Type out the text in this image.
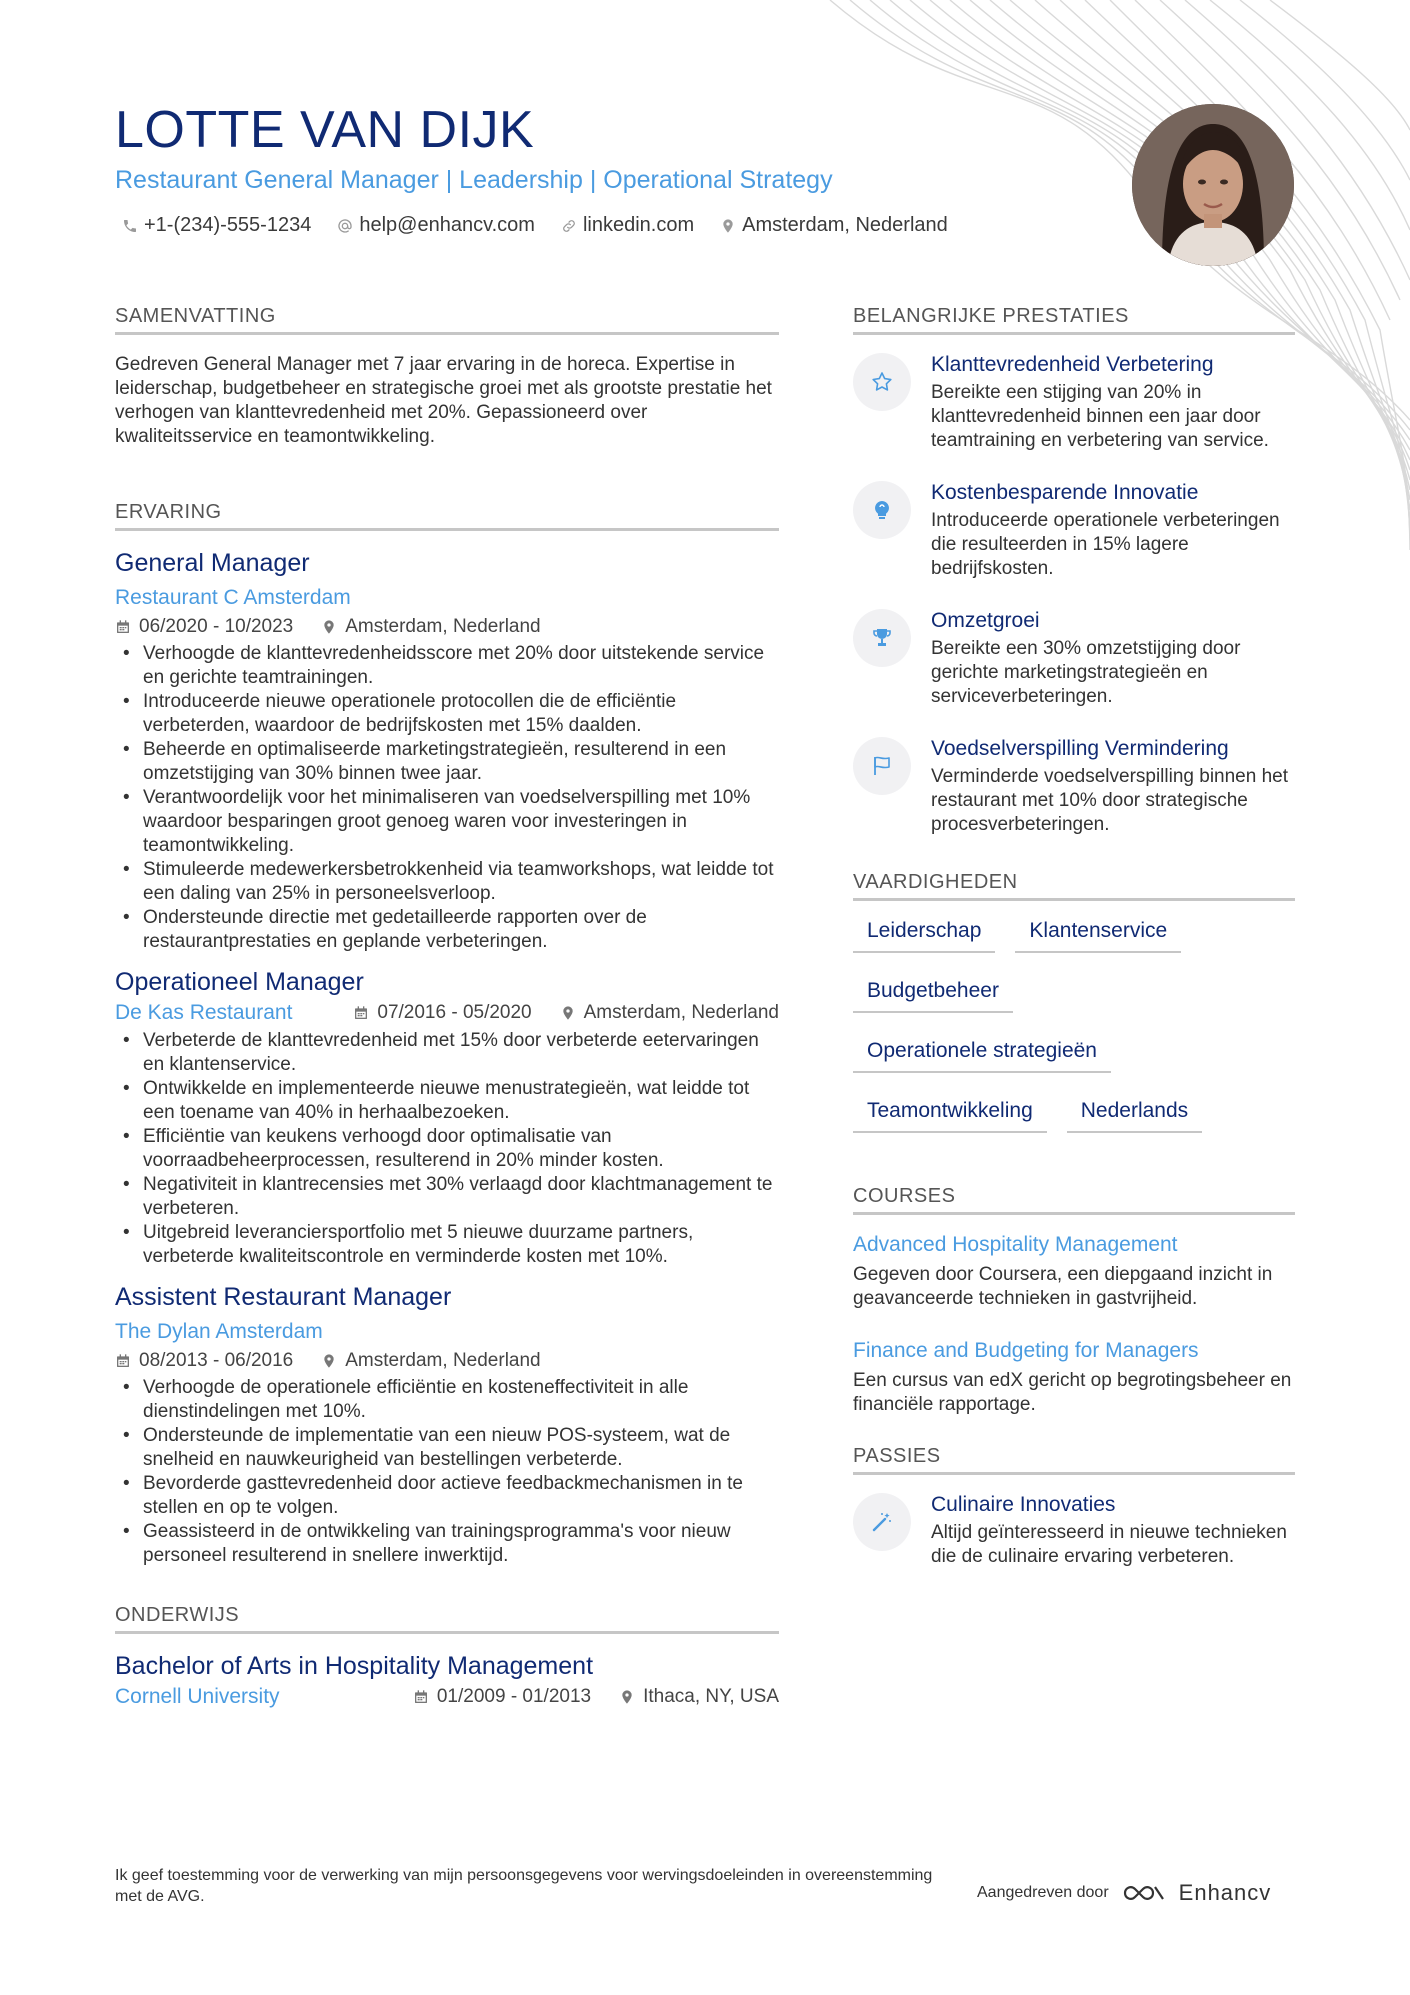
LOTTE VAN DIJK
Restaurant General Manager | Leadership | Operational Strategy
+1-(234)-555-1234 help@enhancv.com linkedin.com Amsterdam, Nederland
SAMENVATTING

Gedreven General Manager met 7 jaar ervaring in de horeca. Expertise in leiderschap, budgetbeheer en strategische groei met als grootste prestatie het verhogen van klanttevredenheid met 20%. Gepassioneerd over kwaliteitsservice en teamontwikkeling.

ERVARING
General Manager
Restaurant C Amsterdam
06/2020 - 10/2023	Amsterdam, Nederland
• Verhoogde de klanttevredenheidsscore met 20% door uitstekende service en gerichte teamtrainingen.
• Introduceerde nieuwe operationele protocollen die de efficiëntie verbeterden, waardoor de bedrijfskosten met 15% daalden.
• Beheerde en optimaliseerde marketingstrategieën, resulterend in een omzetstijging van 30% binnen twee jaar.
• Verantwoordelijk voor het minimaliseren van voedselverspilling met 10% waardoor besparingen groot genoeg waren voor investeringen in teamontwikkeling.
• Stimuleerde medewerkersbetrokkenheid via teamworkshops, wat leidde tot een daling van 25% in personeelsverloop.
• Ondersteunde directie met gedetailleerde rapporten over de restaurantprestaties en geplande verbeteringen.
Operationeel Manager
De Kas Restaurant	07/2016 - 05/2020	Amsterdam, Nederland
• Verbeterde de klanttevredenheid met 15% door verbeterde eetervaringen en klantenservice.
• Ontwikkelde en implementeerde nieuwe menustrategieën, wat leidde tot een toename van 40% in herhaalbezoeken.
• Efficiëntie van keukens verhoogd door optimalisatie van voorraadbeheerprocessen, resulterend in 20% minder kosten.
• Negativiteit in klantrecensies met 30% verlaagd door klachtmanagement te verbeteren.
• Uitgebreid leveranciersportfolio met 5 nieuwe duurzame partners, verbeterde kwaliteitscontrole en verminderde kosten met 10%.
Assistent Restaurant Manager
The Dylan Amsterdam
08/2013 - 06/2016	Amsterdam, Nederland
• Verhoogde de operationele efficiëntie en kosteneffectiviteit in alle dienstindelingen met 10%.
• Ondersteunde de implementatie van een nieuw POS-systeem, wat de snelheid en nauwkeurigheid van bestellingen verbeterde.
• Bevorderde gasttevredenheid door actieve feedbackmechanismen in te stellen en op te volgen.
• Geassisteerd in de ontwikkeling van trainingsprogramma's voor nieuw personeel resulterend in snellere inwerktijd.
ONDERWIJS
Bachelor of Arts in Hospitality Management
Cornell University	01/2009 - 01/2013	Ithaca, NY, USA
BELANGRIJKE PRESTATIES
Klanttevredenheid Verbetering
Bereikte een stijging van 20% in klanttevredenheid binnen een jaar door teamtraining en verbetering van service.
Kostenbesparende Innovatie
Introduceerde operationele verbeteringen die resulteerden in 15% lagere bedrijfskosten.
Omzetgroei
Bereikte een 30% omzetstijging door gerichte marketingstrategieën en serviceverbeteringen.
Voedselverspilling Vermindering
Verminderde voedselverspilling binnen het restaurant met 10% door strategische procesverbeteringen.
VAARDIGHEDEN
Leiderschap	Klantenservice
Budgetbeheer
Operationele strategieën
Teamontwikkeling	Nederlands
COURSES
Advanced Hospitality Management
Gegeven door Coursera, een diepgaand inzicht in geavanceerde technieken in gastvrijheid.
Finance and Budgeting for Managers
Een cursus van edX gericht op begrotingsbeheer en financiële rapportage.
PASSIES
Culinaire Innovaties
Altijd geïnteresseerd in nieuwe technieken die de culinaire ervaring verbeteren.
Ik geef toestemming voor de verwerking van mijn persoonsgegevens voor wervingsdoeleinden in overeenstemming met de AVG.	Aangedreven door	Enhancv
